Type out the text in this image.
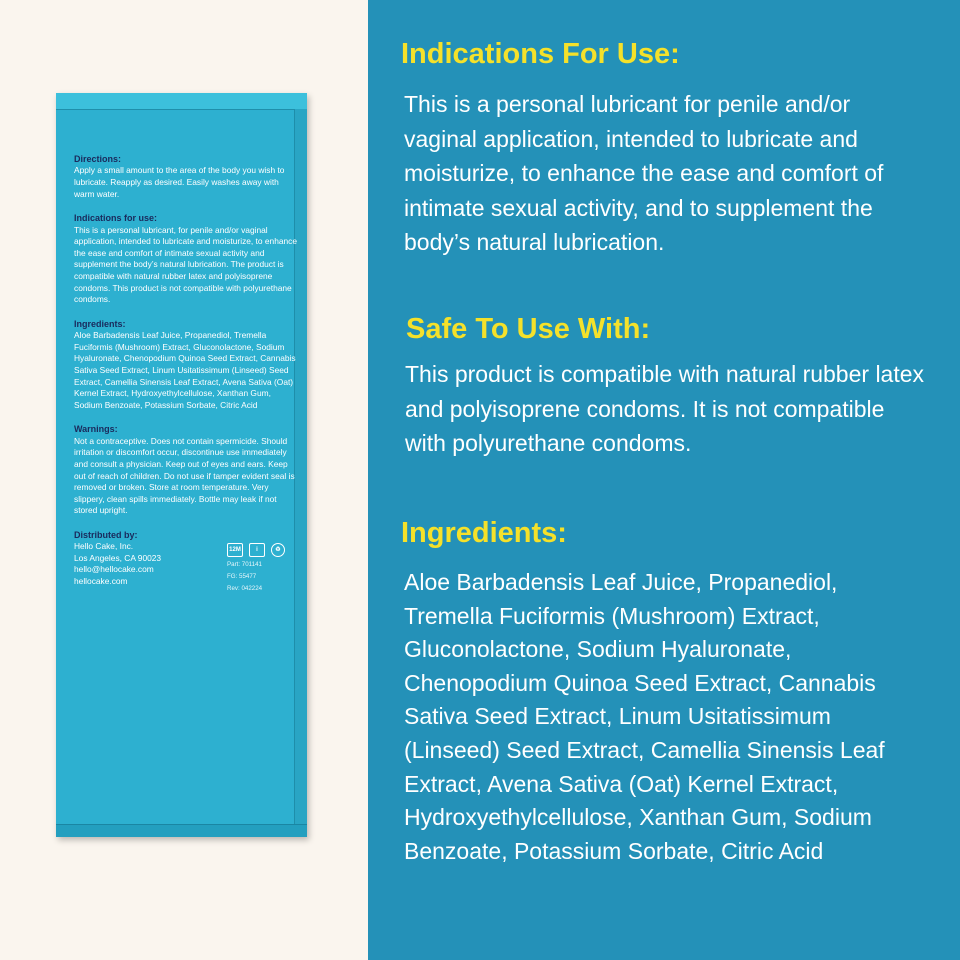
Directions:

Apply a small amount to the area of the body you wish to lubricate. Reapply as desired. Easily washes away with warm water.

Indications for use:

This is a personal lubricant, for penile and/or vaginal application, intended to lubricate and moisturize, to enhance the ease and comfort of intimate sexual activity and supplement the body’s natural lubrication. The product is compatible with natural rubber latex and polyisoprene condoms. This product is not compatible with polyurethane condoms.

Ingredients:

Aloe Barbadensis Leaf Juice, Propanediol, Tremella Fuciformis (Mushroom) Extract, Gluconolactone, Sodium Hyaluronate, Chenopodium Quinoa Seed Extract, Cannabis Sativa Seed Extract, Linum Usitatissimum (Linseed) Seed Extract, Camellia Sinensis Leaf Extract, Avena Sativa (Oat) Kernel Extract, Hydroxyethylcellulose, Xanthan Gum, Sodium Benzoate, Potassium Sorbate, Citric Acid

Warnings:

Not a contraceptive. Does not contain spermicide. Should irritation or discomfort occur, discontinue use immediately and consult a physician. Keep out of eyes and ears. Keep out of reach of children. Do not use if tamper evident seal is removed or broken. Store at room temperature. Very slippery, clean spills immediately. Bottle may leak if not stored upright.

Distributed by:

Hello Cake, Inc.
Los Angeles, CA 90023
hello@hellocake.com
hellocake.com
12M	i	♻
Part: 701141
FG: 55477
Rev: 042224
Indications For Use:

This is a personal lubricant for penile and/or vaginal application, intended to lubricate and moisturize, to enhance the ease and comfort of intimate sexual activity, and to supplement the body’s natural lubrication.

Safe To Use With:

This product is compatible with natural rubber latex and polyisoprene condoms. It is not compatible with polyurethane condoms.

Ingredients:

Aloe Barbadensis Leaf Juice, Propanediol, Tremella Fuciformis (Mushroom) Extract, Gluconolactone, Sodium Hyaluronate, Chenopodium Quinoa Seed Extract, Cannabis Sativa Seed Extract, Linum Usitatissimum (Linseed) Seed Extract, Camellia Sinensis Leaf Extract, Avena Sativa (Oat) Kernel Extract, Hydroxyethylcellulose, Xanthan Gum, Sodium Benzoate, Potassium Sorbate, Citric Acid
